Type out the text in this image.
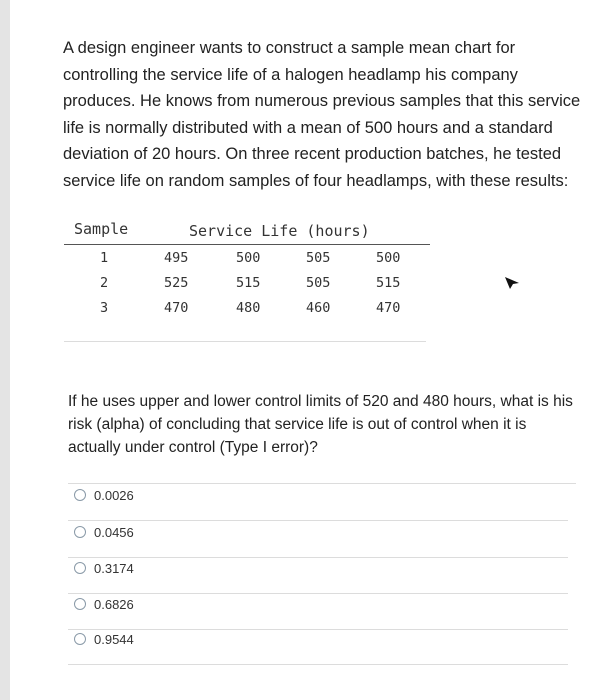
A design engineer wants to construct a sample mean chart for controlling the service life of a halogen headlamp his company produces. He knows from numerous previous samples that this service life is normally distributed with a mean of 500 hours and a standard deviation of 20 hours. On three recent production batches, he tested service life on random samples of four headlamps, with these results:
Sample	Service Life (hours)
1	495	500	505	500
2	525	515	505	515
3	470	480	460	470
If he uses upper and lower control limits of 520 and 480 hours, what is his risk (alpha) of concluding that service life is out of control when it is actually under control (Type I error)?
0.0026
0.0456
0.3174
0.6826
0.9544
